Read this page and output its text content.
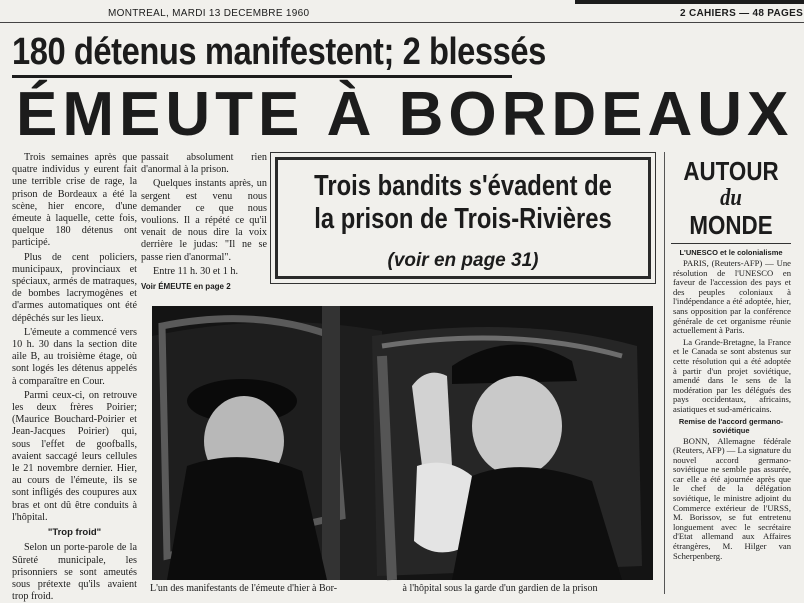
MONTREAL, MARDI 13 DECEMBRE 1960	2 CAHIERS — 48 PAGES
180 détenus manifestent; 2 blessés
ÉMEUTE À BORDEAUX

Trois semaines après que quatre individus y eurent fait une terrible crise de rage, la prison de Bordeaux a été la scène, hier encore, d'une émeute à laquelle, cette fois, quelque 180 détenus ont participé.

Plus de cent policiers, municipaux, provinciaux et spéciaux, armés de matraques, de bombes lacrymogènes et d'armes automatiques ont été dépêchés sur les lieux.

L'émeute a commencé vers 10 h. 30 dans la section dite aile B, au troisième étage, où sont logés les détenus appelés à comparaître en Cour.

Parmi ceux-ci, on retrouve les deux frères Poirier; (Maurice Bouchard-Poirier et Jean-Jacques Poirier) qui, sous l'effet de goofballs, avaient saccagé leurs cellules le 21 novembre dernier. Hier, au cours de l'émeute, ils se sont infligés des coupures aux bras et ont dû être conduits à l'hôpital.

"Trop froid"

Selon un porte-parole de la Sûreté municipale, les prisonniers se sont ameutés sous prétexte qu'ils avaient trop froid.

passait absolument rien d'anormal à la prison.

Quelques instants après, un sergent est venu nous demander ce que nous voulions. Il a répété ce qu'il venait de nous dire la voix derrière le judas: "Il ne se passe rien d'anormal".

Entre 11 h. 30 et 1 h.

Voir ÉMEUTE en page 2

Trois bandits s'évadent de
la prison de Trois-Rivières
(voir en page 31)
AUTOUR
du
MONDE
L'UNESCO et le colonialisme
PARIS, (Reuters-AFP) — Une résolution de l'UNESCO en faveur de l'accession des pays et des peuples coloniaux à l'indépendance a été adoptée, hier, sans opposition par la conférence générale de cet organisme réunie actuellement à Paris.
La Grande-Bretagne, la France et le Canada se sont abstenus sur cette résolution qui a été adoptée à partir d'un projet soviétique, amendé dans le sens de la modération par les délégués des pays occidentaux, africains, asiatiques et sud-américains.
Remise de l'accord germano-soviétique
BONN, Allemagne fédérale (Reuters, AFP) — La signature du nouvel accord germano-soviétique ne semble pas assurée, car elle a été ajournée après que le chef de la délégation soviétique, le ministre adjoint du Commerce extérieur de l'URSS, M. Borissov, se fut entretenu longuement avec le secrétaire d'Etat allemand aux Affaires étrangères, M. Hilger van Scherpenberg.
L'un des manifestants de l'émeute d'hier à Bor-	à l'hôpital sous la garde d'un gardien de la prison
